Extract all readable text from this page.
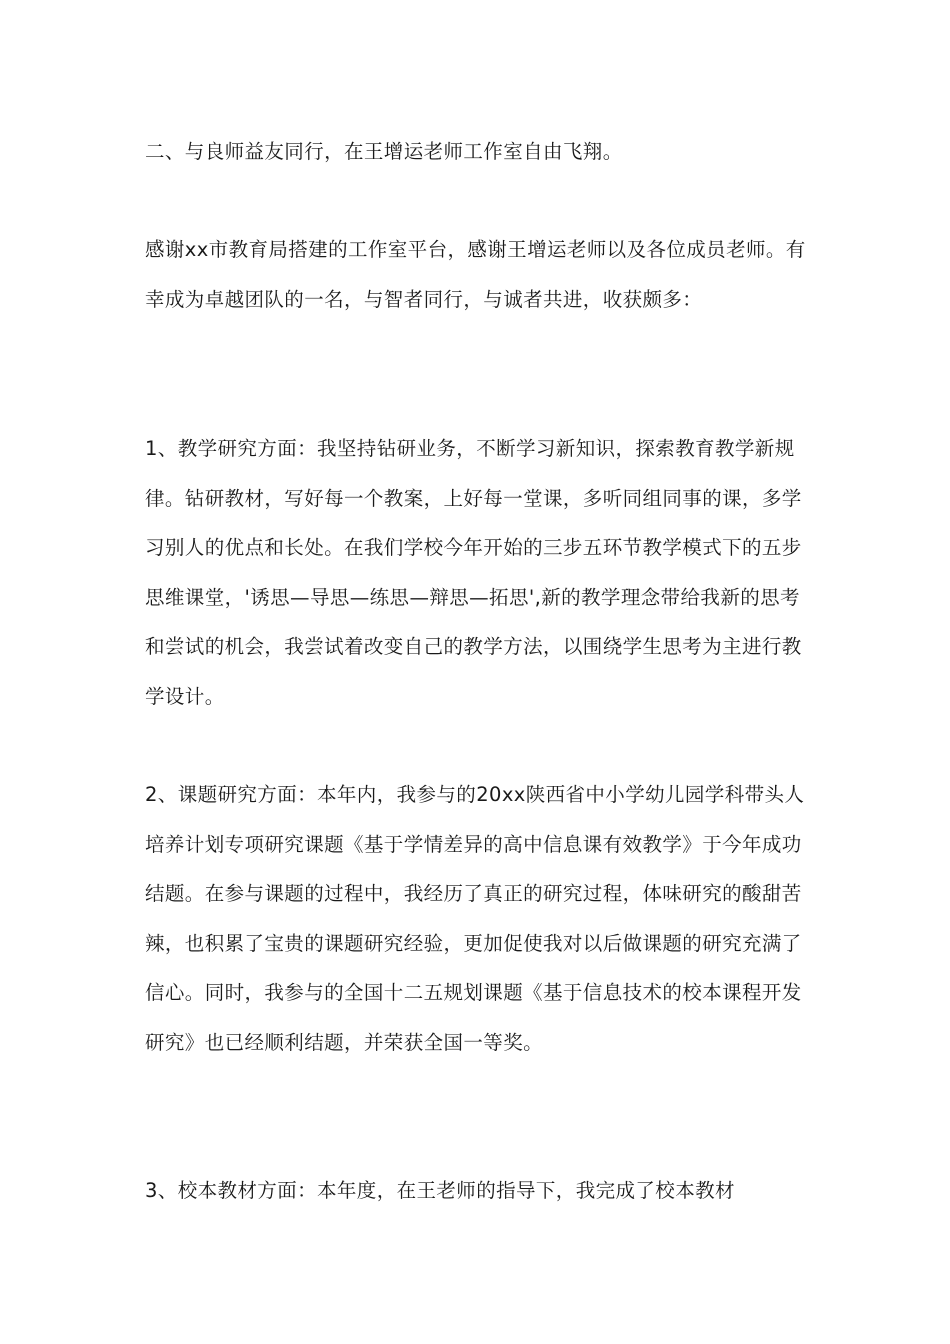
二、与良师益友同行，在王增运老师工作室自由飞翔。

感谢xx市教育局搭建的工作室平台，感谢王增运老师以及各位成员老师。有幸成为卓越团队的一名，与智者同行，与诚者共进，收获颇多：

1、教学研究方面：我坚持钻研业务，不断学习新知识，探索教育教学新规律。钻研教材，写好每一个教案，上好每一堂课，多听同组同事的课，多学习别人的优点和长处。在我们学校今年开始的三步五环节教学模式下的五步思维课堂，'诱思—导思—练思—辩思—拓思',新的教学理念带给我新的思考和尝试的机会，我尝试着改变自己的教学方法，以围绕学生思考为主进行教学设计。

2、课题研究方面：本年内，我参与的20xx陕西省中小学幼儿园学科带头人培养计划专项研究课题《基于学情差异的高中信息课有效教学》于今年成功结题。在参与课题的过程中，我经历了真正的研究过程，体味研究的酸甜苦辣，也积累了宝贵的课题研究经验，更加促使我对以后做课题的研究充满了信心。同时，我参与的全国十二五规划课题《基于信息技术的校本课程开发研究》也已经顺利结题，并荣获全国一等奖。

3、校本教材方面：本年度，在王老师的指导下，我完成了校本教材
